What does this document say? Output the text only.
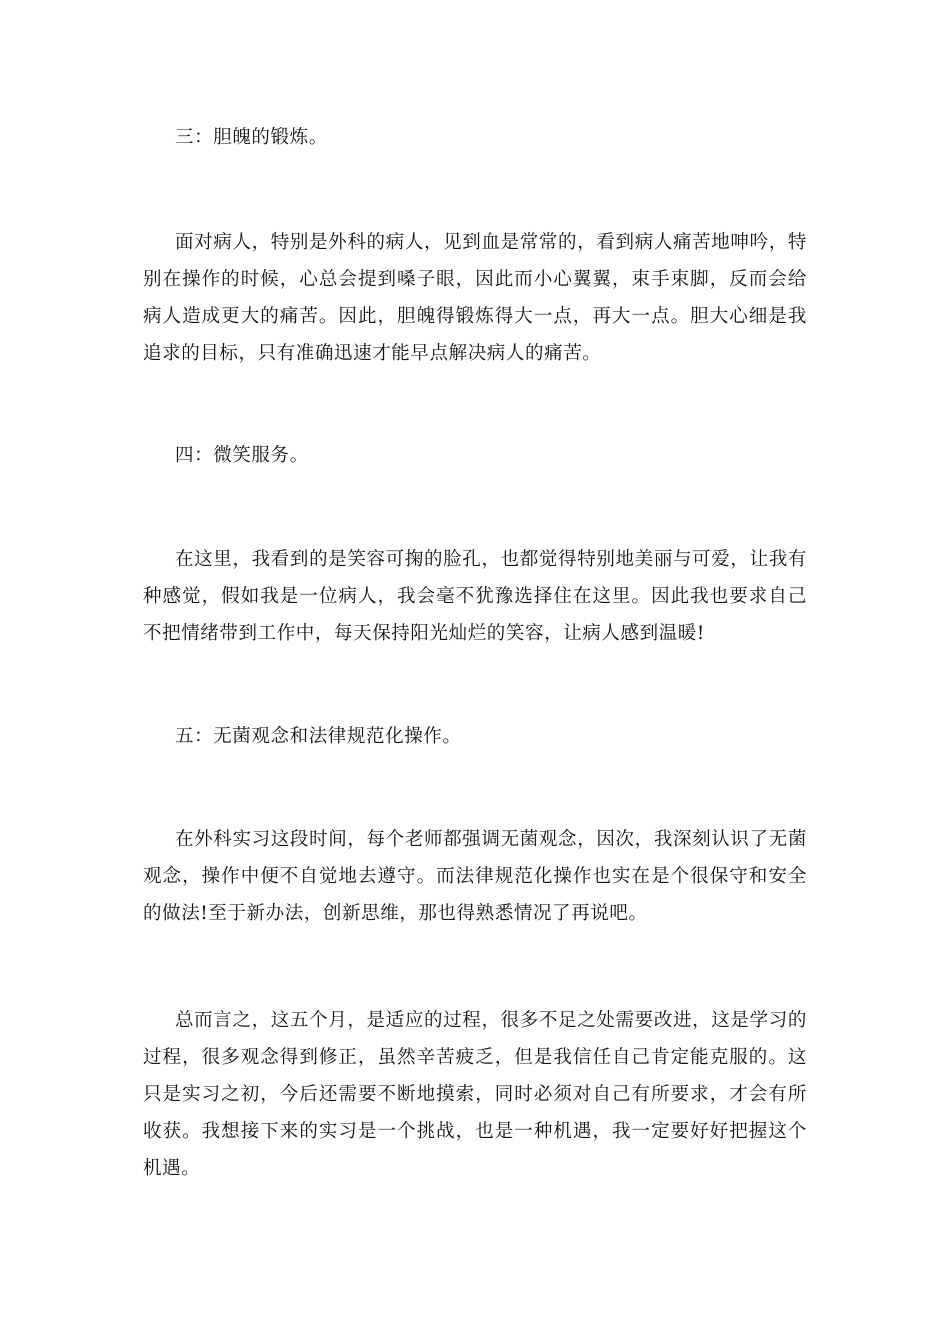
三：胆魄的锻炼。

面对病人，特别是外科的病人，见到血是常常的，看到病人痛苦地呻吟，特别在操作的时候，心总会提到嗓子眼，因此而小心翼翼，束手束脚，反而会给病人造成更大的痛苦。因此，胆魄得锻炼得大一点，再大一点。胆大心细是我追求的目标，只有准确迅速才能早点解决病人的痛苦。

四：微笑服务。

在这里，我看到的是笑容可掬的脸孔，也都觉得特别地美丽与可爱，让我有种感觉，假如我是一位病人，我会毫不犹豫选择住在这里。因此我也要求自己不把情绪带到工作中，每天保持阳光灿烂的笑容，让病人感到温暖!

五：无菌观念和法律规范化操作。

在外科实习这段时间，每个老师都强调无菌观念，因次，我深刻认识了无菌观念，操作中便不自觉地去遵守。而法律规范化操作也实在是个很保守和安全的做法!至于新办法，创新思维，那也得熟悉情况了再说吧。

总而言之，这五个月，是适应的过程，很多不足之处需要改进，这是学习的过程，很多观念得到修正，虽然辛苦疲乏，但是我信任自己肯定能克服的。这只是实习之初，今后还需要不断地摸索，同时必须对自己有所要求，才会有所收获。我想接下来的实习是一个挑战，也是一种机遇，我一定要好好把握这个机遇。
